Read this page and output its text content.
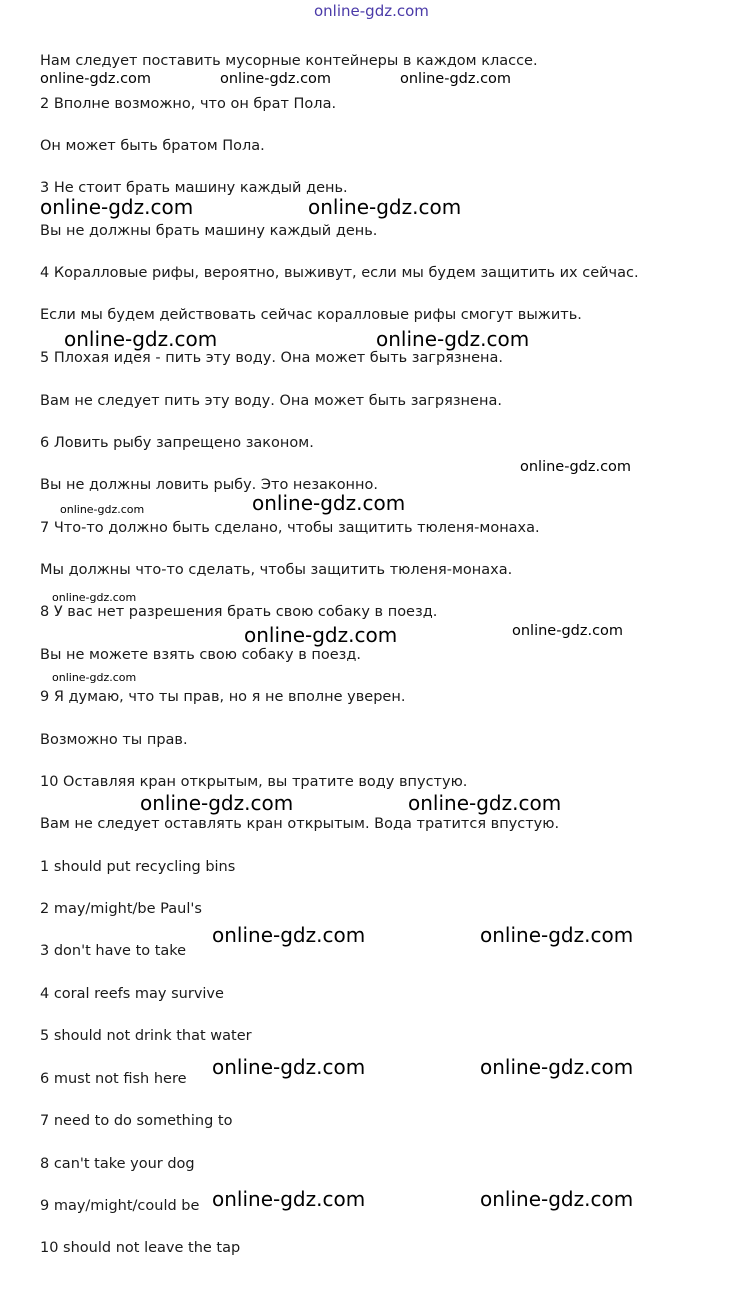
online-gdz.com
Нам следует поставить мусорные контейнеры в каждом классе.
2 Вполне возможно, что он брат Пола.
Он может быть братом Пола.
3 Не стоит брать машину каждый день.
Вы не должны брать машину каждый день.
4 Коралловые рифы, вероятно, выживут, если мы будем защитить их сейчас.
Если мы будем действовать сейчас коралловые рифы смогут выжить.
5 Плохая идея - пить эту воду. Она может быть загрязнена.
Вам не следует пить эту воду. Она может быть загрязнена.
6 Ловить рыбу запрещено законом.
Вы не должны ловить рыбу. Это незаконно.
7 Что-то должно быть сделано, чтобы защитить тюленя-монаха.
Мы должны что-то сделать, чтобы защитить тюленя-монаха.
8 У вас нет разрешения брать свою собаку в поезд.
Вы не можете взять свою собаку в поезд.
9 Я думаю, что ты прав, но я не вполне уверен.
Возможно ты прав.
10 Оставляя кран открытым, вы тратите воду впустую.
Вам не следует оставлять кран открытым. Вода тратится впустую.
1 should put recycling bins
2 may/might/be Paul's
3 don't have to take
4 coral reefs may survive
5 should not drink that water
6 must not fish here
7 need to do something to
8 can't take your dog
9 may/might/could be
10 should not leave the tap
online-gdz.com	online-gdz.com	online-gdz.com
online-gdz.com	online-gdz.com
online-gdz.com	online-gdz.com
online-gdz.com
online-gdz.com
online-gdz.com
online-gdz.com
online-gdz.com	online-gdz.com
online-gdz.com
online-gdz.com	online-gdz.com
online-gdz.com	online-gdz.com
online-gdz.com	online-gdz.com
online-gdz.com	online-gdz.com
